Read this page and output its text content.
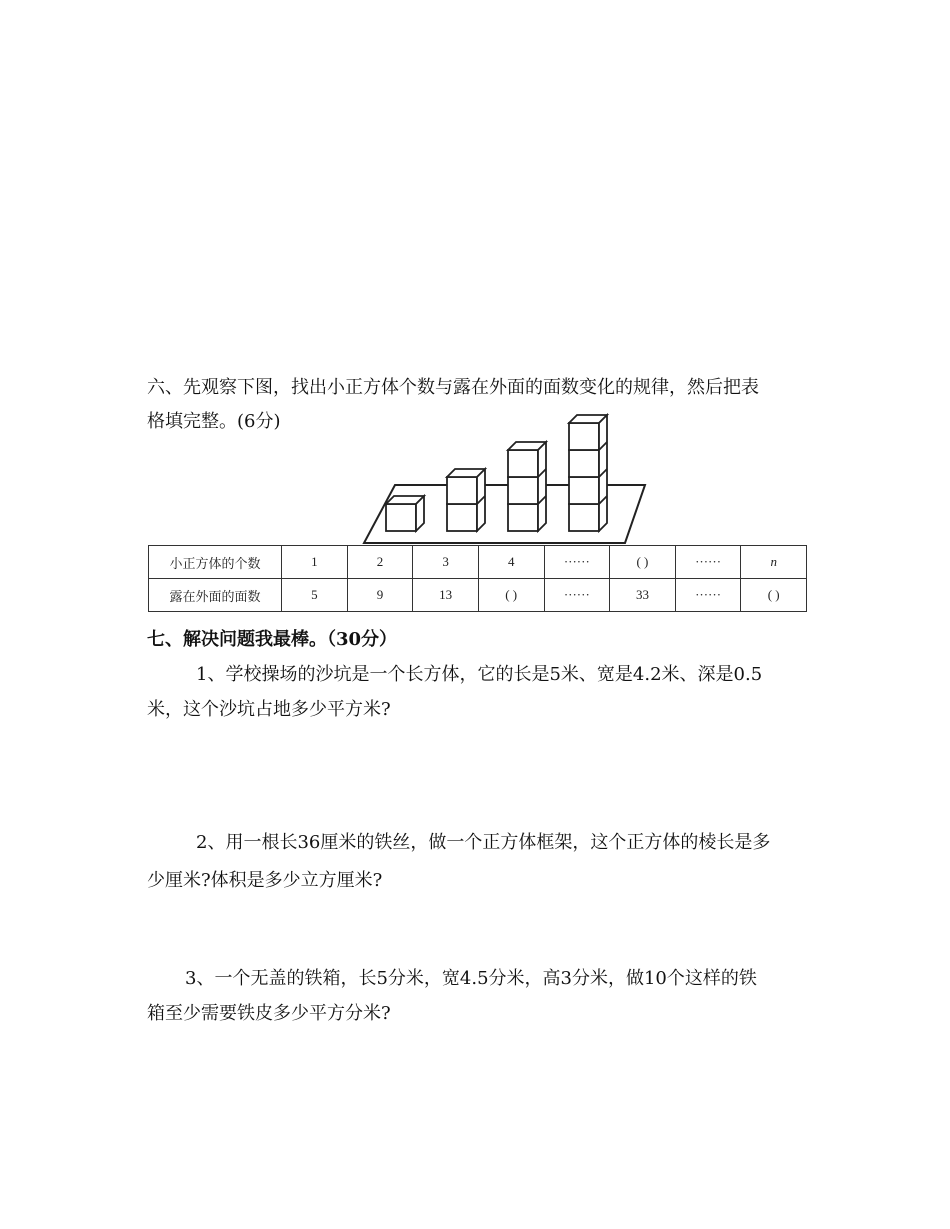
六、先观察下图，找出小正方体个数与露在外面的面数变化的规律，然后把表

格填完整。(6分)

小正方体的个数	1	2	3	4	······	( )	······	n
露在外面的面数	5	9	13	( )	······	33	······	( )

七、解决问题我最棒。（30分）

1、学校操场的沙坑是一个长方体，它的长是5米、宽是4.2米、深是0.5

米，这个沙坑占地多少平方米?

2、用一根长36厘米的铁丝，做一个正方体框架，这个正方体的棱长是多

少厘米?体积是多少立方厘米?

3、一个无盖的铁箱，长5分米，宽4.5分米，高3分米，做10个这样的铁

箱至少需要铁皮多少平方分米?
